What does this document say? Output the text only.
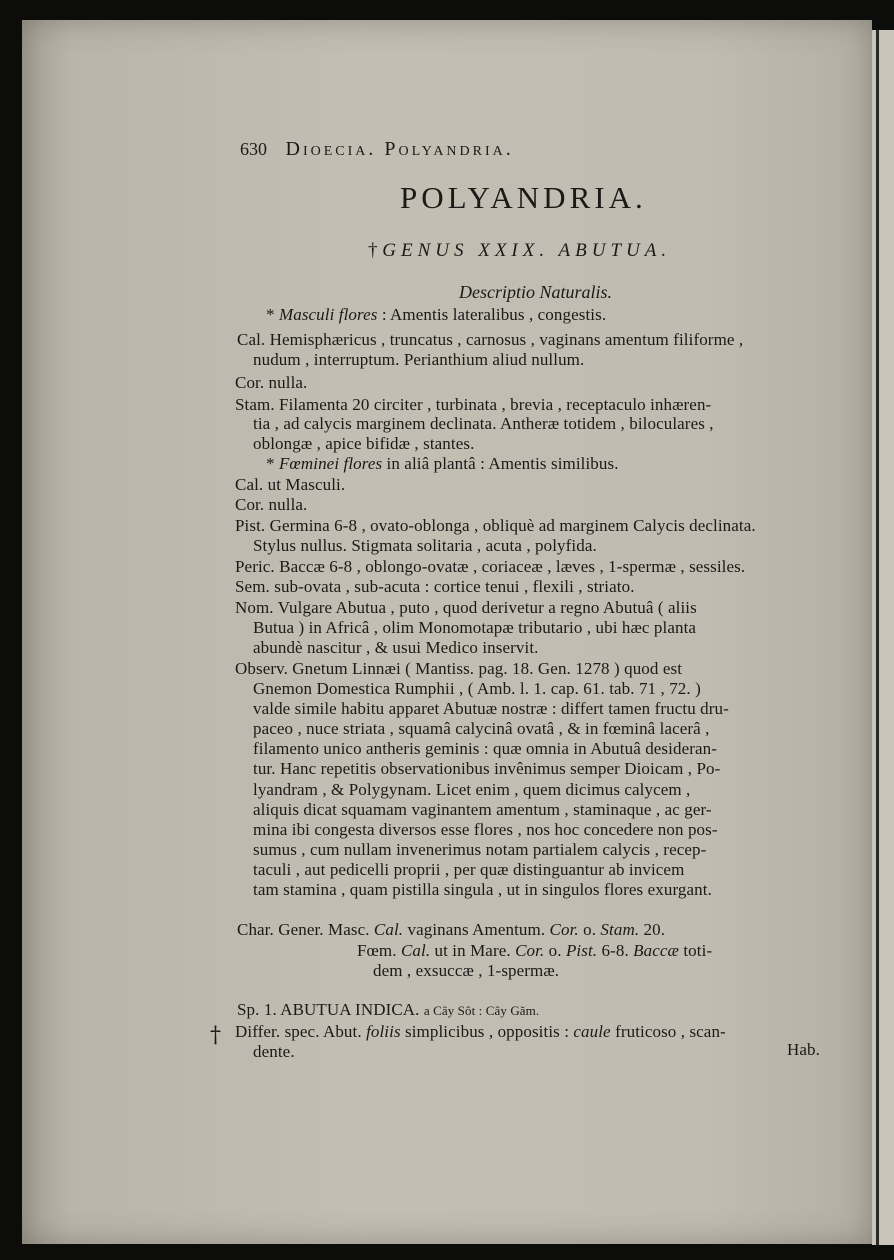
630 Dioecia. Polyandria.
POLYANDRIA.
† GENUS XXIX. ABUTUA.
Descriptio Naturalis.
* Masculi flores : Amentis lateralibus , congestis.
Cal. Hemisphæricus , truncatus , carnosus , vaginans amentum filiforme ,
nudum , interruptum. Perianthium aliud nullum.
Cor. nulla.
Stam. Filamenta 20 circiter , turbinata , brevia , receptaculo inhæren-
tia , ad calycis marginem declinata. Antheræ totidem , biloculares ,
oblongæ , apice bifidæ , stantes.
* Fœminei flores in aliâ plantâ : Amentis similibus.
Cal. ut Masculi.
Cor. nulla.
Pist. Germina 6-8 , ovato-oblonga , obliquè ad marginem Calycis declinata.
Stylus nullus. Stigmata solitaria , acuta , polyfida.
Peric. Baccæ 6-8 , oblongo-ovatæ , coriaceæ , læves , 1-spermæ , sessiles.
Sem. sub-ovata , sub-acuta : cortice tenui , flexili , striato.
Nom. Vulgare Abutua , puto , quod derivetur a regno Abutuâ ( aliis
Butua ) in Africâ , olim Monomotapæ tributario , ubi hæc planta
abundè nascitur , & usui Medico inservit.
Observ. Gnetum Linnæi ( Mantiss. pag. 18. Gen. 1278 ) quod est
Gnemon Domestica Rumphii , ( Amb. l. 1. cap. 61. tab. 71 , 72. )
valde simile habitu apparet Abutuæ nostræ : differt tamen fructu dru-
paceo , nuce striata , squamâ calycinâ ovatâ , & in fœminâ lacerâ ,
filamento unico antheris geminis : quæ omnia in Abutuâ desideran-
tur. Hanc repetitis observationibus invênimus semper Dioicam , Po-
lyandram , & Polygynam. Licet enim , quem dicimus calycem ,
aliquis dicat squamam vaginantem amentum , staminaque , ac ger-
mina ibi congesta diversos esse flores , nos hoc concedere non pos-
sumus , cum nullam invenerimus notam partialem calycis , recep-
taculi , aut pedicelli proprii , per quæ distinguantur ab invicem
tam stamina , quam pistilla singula , ut in singulos flores exurgant.
Char. Gener. Masc. Cal. vaginans Amentum. Cor. o. Stam. 20.
Fœm. Cal. ut in Mare. Cor. o. Pist. 6-8. Baccæ toti-
dem , exsuccæ , 1-spermæ.
Sp. 1. ABUTUA INDICA. a Cây Sôt : Cây Găm.
Differ. spec. Abut. foliis simplicibus , oppositis : caule fruticoso , scan-
dente.	Hab.
†
